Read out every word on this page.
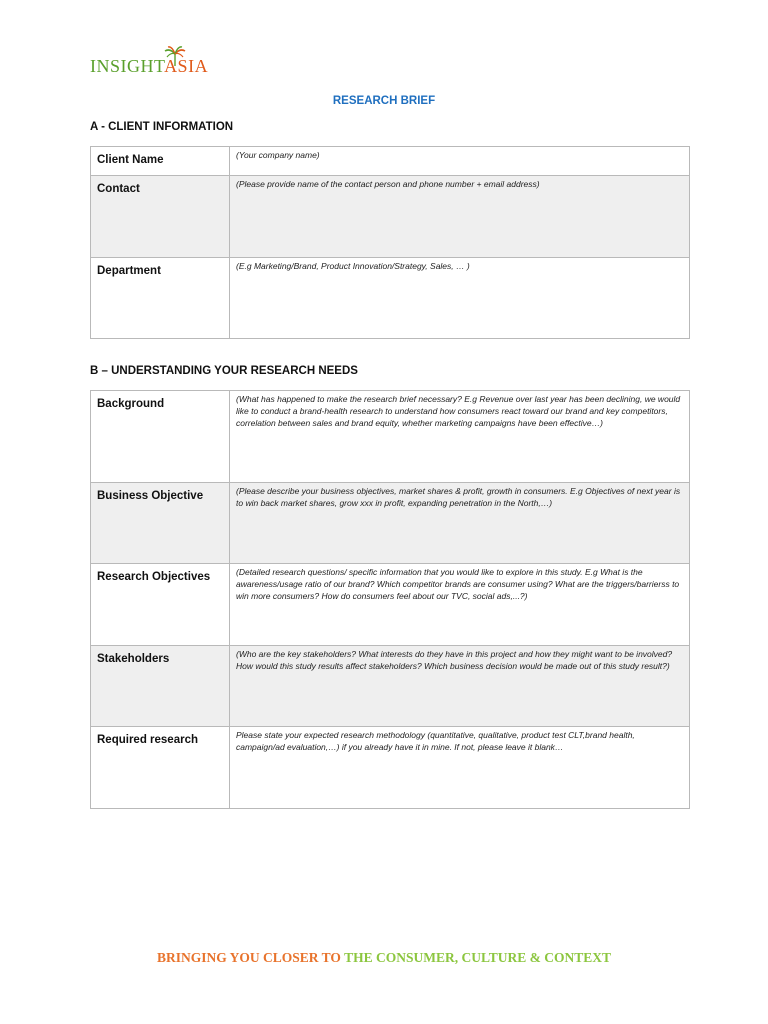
INSIGHTASIA
RESEARCH BRIEF
A - CLIENT INFORMATION
Client Name	(Your company name)
Contact	(Please provide name of the contact person and phone number + email address)
Department	(E.g Marketing/Brand, Product Innovation/Strategy, Sales, … )
B – UNDERSTANDING YOUR RESEARCH NEEDS
Background	(What has happened to make the research brief necessary? E.g Revenue over last year has been declining, we would like to conduct a brand-health research to understand how consumers react toward our brand and key competitors, correlation between sales and brand equity, whether marketing campaigns have been effective…)
Business Objective	(Please describe your business objectives, market shares & profit, growth in consumers. E.g Objectives of next year is to win back market shares, grow xxx in profit, expanding penetration in the North,…)
Research Objectives	(Detailed research questions/ specific information that you would like to explore in this study. E.g What is the awareness/usage ratio of our brand? Which competitor brands are consumer using? What are the triggers/barrierss to win more consumers? How do consumers feel about our TVC, social ads,...?)
Stakeholders	(Who are the key stakeholders? What interests do they have in this project and how they might want to be involved?
How would this study results affect stakeholders? Which business decision would be made out of this study result?)

Required research	Please state your expected research methodology (quantitative, qualitative, product test CLT,brand health, campaign/ad evaluation,…) if you already have it in mine. If not, please leave it blank…
BRINGING YOU CLOSER TO THE CONSUMER, CULTURE & CONTEXT
